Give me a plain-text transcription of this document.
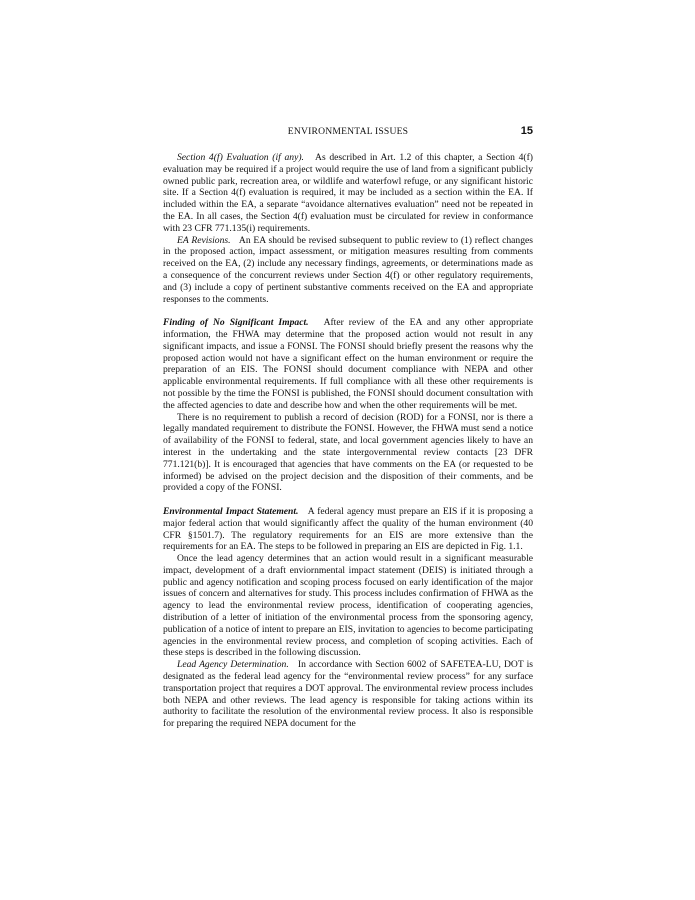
ENVIRONMENTAL ISSUES	15

Section 4(f) Evaluation (if any). As described in Art. 1.2 of this chapter, a Section 4(f) evaluation may be required if a project would require the use of land from a significant publicly owned public park, recreation area, or wildlife and waterfowl refuge, or any significant historic site. If a Section 4(f) evaluation is required, it may be included as a section within the EA. If included within the EA, a separate “avoidance alternatives evaluation” need not be repeated in the EA. In all cases, the Section 4(f) evaluation must be circulated for review in conformance with 23 CFR 771.135(i) requirements.

EA Revisions. An EA should be revised subsequent to public review to (1) reflect changes in the proposed action, impact assessment, or mitigation measures resulting from comments received on the EA, (2) include any necessary findings, agreements, or determinations made as a consequence of the concurrent reviews under Section 4(f) or other regulatory requirements, and (3) include a copy of pertinent substantive comments received on the EA and appropriate responses to the comments.

Finding of No Significant Impact. After review of the EA and any other appropriate information, the FHWA may determine that the proposed action would not result in any significant impacts, and issue a FONSI. The FONSI should briefly present the reasons why the proposed action would not have a significant effect on the human environment or require the preparation of an EIS. The FONSI should document compliance with NEPA and other applicable environmental requirements. If full compliance with all these other requirements is not possible by the time the FONSI is published, the FONSI should document consultation with the affected agencies to date and describe how and when the other requirements will be met.

There is no requirement to publish a record of decision (ROD) for a FONSI, nor is there a legally mandated requirement to distribute the FONSI. However, the FHWA must send a notice of availability of the FONSI to federal, state, and local government agencies likely to have an interest in the undertaking and the state intergovernmental review contacts [23 DFR 771.121(b)]. It is encouraged that agencies that have comments on the EA (or requested to be informed) be advised on the project decision and the disposition of their comments, and be provided a copy of the FONSI.

Environmental Impact Statement. A federal agency must prepare an EIS if it is proposing a major federal action that would significantly affect the quality of the human environment (40 CFR §1501.7). The regulatory requirements for an EIS are more extensive than the requirements for an EA. The steps to be followed in preparing an EIS are depicted in Fig. 1.1.

Once the lead agency determines that an action would result in a significant measurable impact, development of a draft enviornmental impact statement (DEIS) is initiated through a public and agency notification and scoping process focused on early identification of the major issues of concern and alternatives for study. This process includes confirmation of FHWA as the agency to lead the environmental review process, identification of cooperating agencies, distribution of a letter of initiation of the environmental process from the sponsoring agency, publication of a notice of intent to prepare an EIS, invitation to agencies to become participating agencies in the environmental review process, and completion of scoping activities. Each of these steps is described in the following discussion.

Lead Agency Determination. In accordance with Section 6002 of SAFETEA-LU, DOT is designated as the federal lead agency for the “environmental review process” for any surface transportation project that requires a DOT approval. The environmental review process includes both NEPA and other reviews. The lead agency is responsible for taking actions within its authority to facilitate the resolution of the environmental review process. It also is responsible for preparing the required NEPA document for the
